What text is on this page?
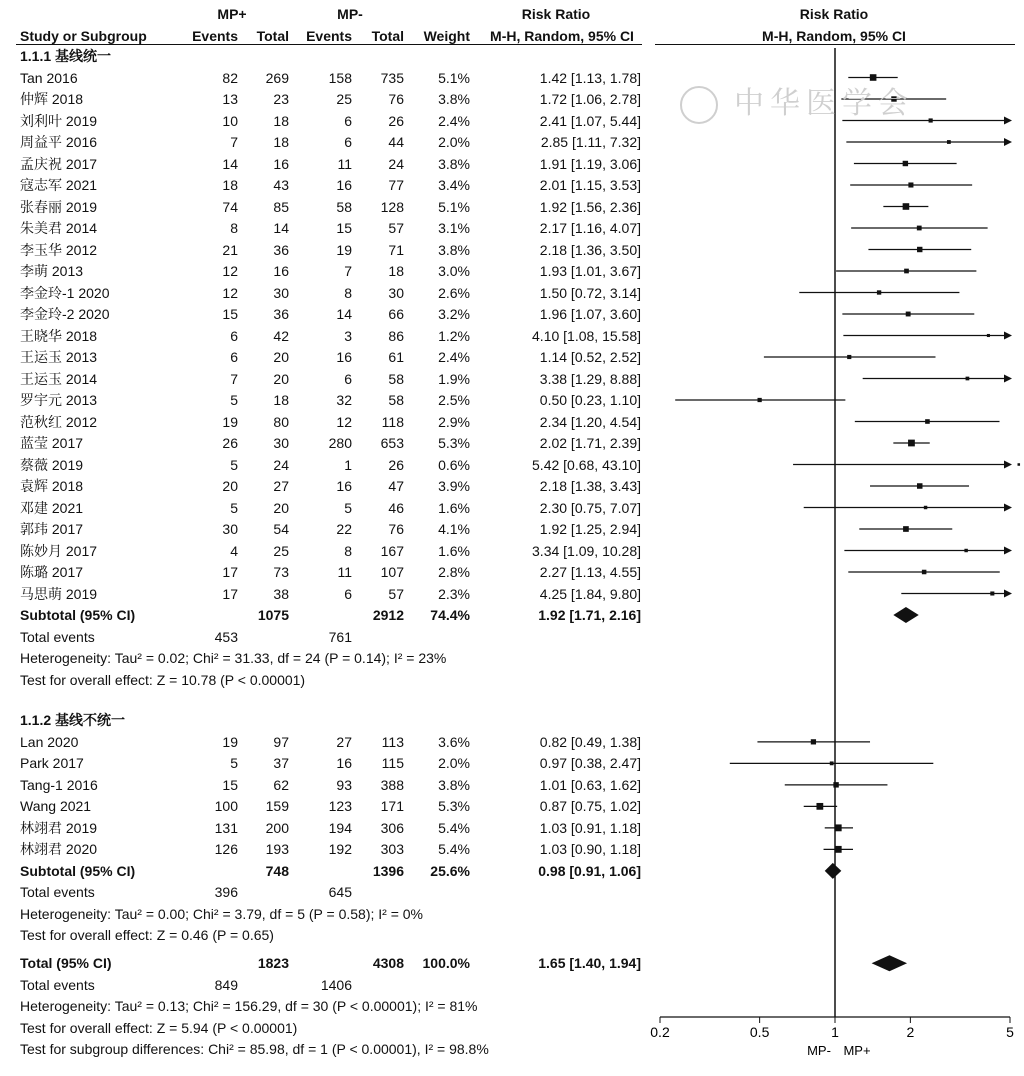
MP+	MP-	Risk Ratio
Study or Subgroup	Events	Total	Events	Total	Weight	M-H, Random, 95% CI
1.1.1 基线统一
Tan 2016	82	269	158	735	5.1%	1.42 [1.13, 1.78]
仲辉 2018	13	23	25	76	3.8%	1.72 [1.06, 2.78]
刘利叶 2019	10	18	6	26	2.4%	2.41 [1.07, 5.44]
周益平 2016	7	18	6	44	2.0%	2.85 [1.11, 7.32]
孟庆祝 2017	14	16	11	24	3.8%	1.91 [1.19, 3.06]
寇志军 2021	18	43	16	77	3.4%	2.01 [1.15, 3.53]
张春丽 2019	74	85	58	128	5.1%	1.92 [1.56, 2.36]
朱美君 2014	8	14	15	57	3.1%	2.17 [1.16, 4.07]
李玉华 2012	21	36	19	71	3.8%	2.18 [1.36, 3.50]
李萌 2013	12	16	7	18	3.0%	1.93 [1.01, 3.67]
李金玲-1 2020	12	30	8	30	2.6%	1.50 [0.72, 3.14]
李金玲-2 2020	15	36	14	66	3.2%	1.96 [1.07, 3.60]
王晓华 2018	6	42	3	86	1.2%	4.10 [1.08, 15.58]
王运玉 2013	6	20	16	61	2.4%	1.14 [0.52, 2.52]
王运玉 2014	7	20	6	58	1.9%	3.38 [1.29, 8.88]
罗宇元 2013	5	18	32	58	2.5%	0.50 [0.23, 1.10]
范秋红 2012	19	80	12	118	2.9%	2.34 [1.20, 4.54]
蓝莹 2017	26	30	280	653	5.3%	2.02 [1.71, 2.39]
蔡薇 2019	5	24	1	26	0.6%	5.42 [0.68, 43.10]
袁辉 2018	20	27	16	47	3.9%	2.18 [1.38, 3.43]
邓建 2021	5	20	5	46	1.6%	2.30 [0.75, 7.07]
郭玮 2017	30	54	22	76	4.1%	1.92 [1.25, 2.94]
陈妙月 2017	4	25	8	167	1.6%	3.34 [1.09, 10.28]
陈璐 2017	17	73	11	107	2.8%	2.27 [1.13, 4.55]
马思萌 2019	17	38	6	57	2.3%	4.25 [1.84, 9.80]
Subtotal (95% CI)	1075	2912	74.4%	1.92 [1.71, 2.16]
Total events	453	761
Heterogeneity: Tau² = 0.02; Chi² = 31.33, df = 24 (P = 0.14); I² = 23%
Test for overall effect: Z = 10.78 (P < 0.00001)
1.1.2 基线不统一
Lan 2020	19	97	27	113	3.6%	0.82 [0.49, 1.38]
Park 2017	5	37	16	115	2.0%	0.97 [0.38, 2.47]
Tang-1 2016	15	62	93	388	3.8%	1.01 [0.63, 1.62]
Wang 2021	100	159	123	171	5.3%	0.87 [0.75, 1.02]
林翊君 2019	131	200	194	306	5.4%	1.03 [0.91, 1.18]
林翊君 2020	126	193	192	303	5.4%	1.03 [0.90, 1.18]
Subtotal (95% CI)	748	1396	25.6%	0.98 [0.91, 1.06]
Total events	396	645
Heterogeneity: Tau² = 0.00; Chi² = 3.79, df = 5 (P = 0.58); I² = 0%
Test for overall effect: Z = 0.46 (P = 0.65)
Total (95% CI)	1823	4308	100.0%	1.65 [1.40, 1.94]
Total events	849	1406
Heterogeneity: Tau² = 0.13; Chi² = 156.29, df = 30 (P < 0.00001); I² = 81%
Test for overall effect: Z = 5.94 (P < 0.00001)
Test for subgroup differences: Chi² = 85.98, df = 1 (P < 0.00001), I² = 98.8%
Risk Ratio
M-H, Random, 95% CI
0.2	0.5	1	2	5
MP- MP+
中华医学会
